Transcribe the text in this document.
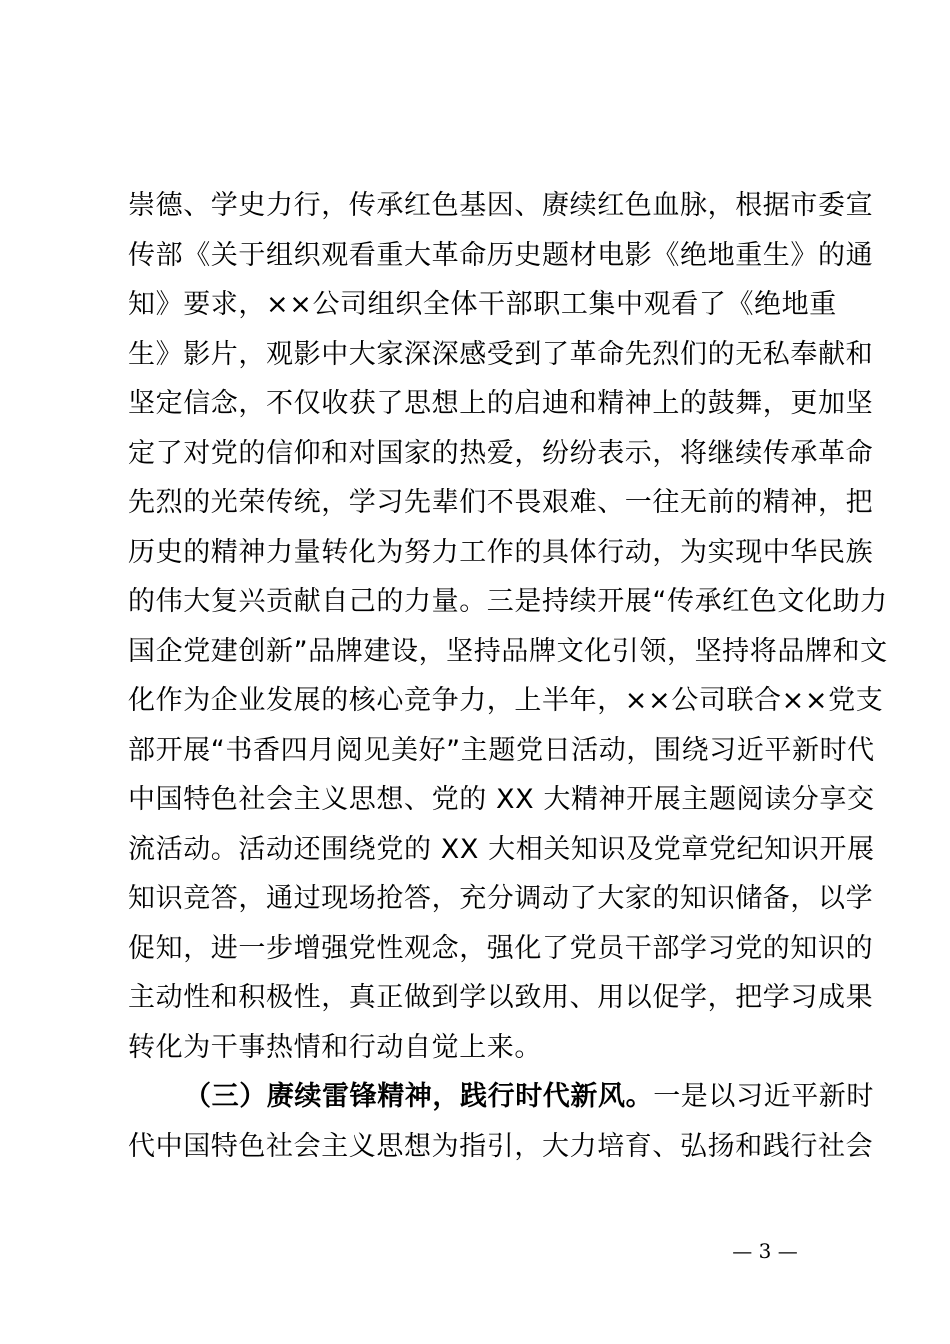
崇德、学史力行，传承红色基因、赓续红色血脉，根据市委宣
传部《关于组织观看重大革命历史题材电影《绝地重生》的通
知》要求，××公司组织全体干部职工集中观看了《绝地重
生》影片，观影中大家深深感受到了革命先烈们的无私奉献和
坚定信念，不仅收获了思想上的启迪和精神上的鼓舞，更加坚
定了对党的信仰和对国家的热爱，纷纷表示，将继续传承革命
先烈的光荣传统，学习先辈们不畏艰难、一往无前的精神，把
历史的精神力量转化为努力工作的具体行动，为实现中华民族
的伟大复兴贡献自己的力量。三是持续开展“传承红色文化助力
国企党建创新”品牌建设，坚持品牌文化引领，坚持将品牌和文
化作为企业发展的核心竞争力，上半年，××公司联合××党支
部开展“书香四月阅见美好”主题党日活动，围绕习近平新时代
中国特色社会主义思想、党的 XX 大精神开展主题阅读分享交
流活动。活动还围绕党的 XX 大相关知识及党章党纪知识开展
知识竞答，通过现场抢答，充分调动了大家的知识储备，以学
促知，进一步增强党性观念，强化了党员干部学习党的知识的
主动性和积极性，真正做到学以致用、用以促学，把学习成果
转化为干事热情和行动自觉上来。
（三）赓续雷锋精神，践行时代新风。一是以习近平新时
代中国特色社会主义思想为指引，大力培育、弘扬和践行社会
— 3 —
